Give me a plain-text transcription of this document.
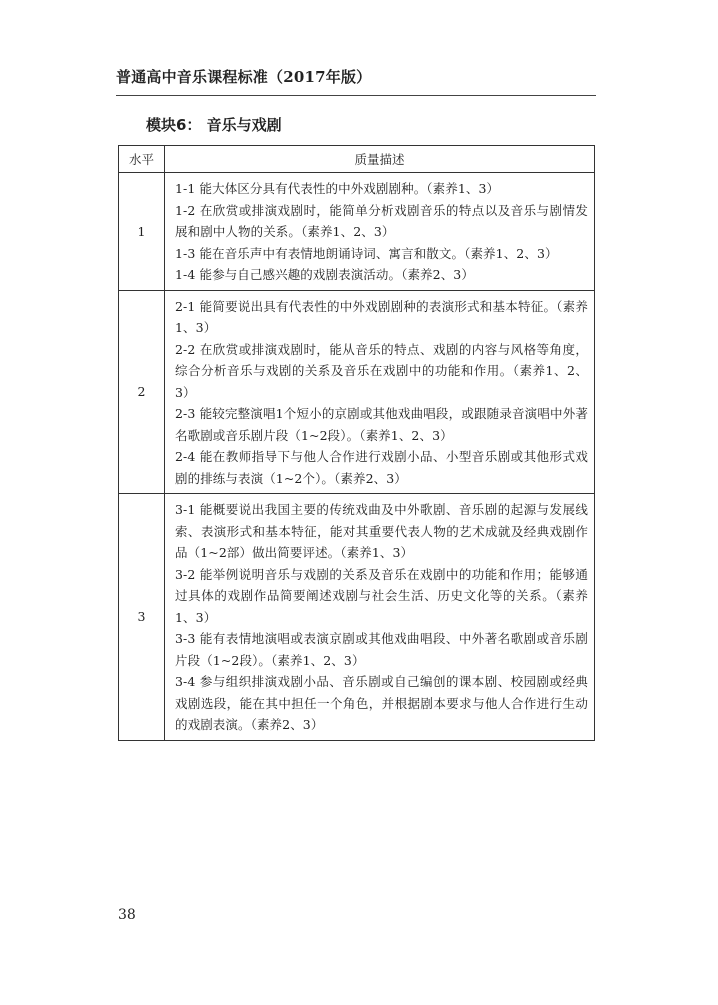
普通高中音乐课程标准（2017年版）
模块6： 音乐与戏剧
水平	质量描述
1	1-1 能大体区分具有代表性的中外戏剧剧种。（素养1、3）
1-2 在欣赏或排演戏剧时，能简单分析戏剧音乐的特点以及音乐与剧情发展和剧中人物的关系。（素养1、2、3）
1-3 能在音乐声中有表情地朗诵诗词、寓言和散文。（素养1、2、3）
1-4 能参与自己感兴趣的戏剧表演活动。（素养2、3）

2	2-1 能简要说出具有代表性的中外戏剧剧种的表演形式和基本特征。（素养1、3）
2-2 在欣赏或排演戏剧时，能从音乐的特点、戏剧的内容与风格等角度，综合分析音乐与戏剧的关系及音乐在戏剧中的功能和作用。（素养1、2、3）
2-3 能较完整演唱1个短小的京剧或其他戏曲唱段，或跟随录音演唱中外著名歌剧或音乐剧片段（1~2段）。（素养1、2、3）
2-4 能在教师指导下与他人合作进行戏剧小品、小型音乐剧或其他形式戏剧的排练与表演（1~2个）。（素养2、3）

3	3-1 能概要说出我国主要的传统戏曲及中外歌剧、音乐剧的起源与发展线索、表演形式和基本特征，能对其重要代表人物的艺术成就及经典戏剧作品（1~2部）做出简要评述。（素养1、3）
3-2 能举例说明音乐与戏剧的关系及音乐在戏剧中的功能和作用；能够通过具体的戏剧作品简要阐述戏剧与社会生活、历史文化等的关系。（素养1、3）
3-3 能有表情地演唱或表演京剧或其他戏曲唱段、中外著名歌剧或音乐剧片段（1~2段）。（素养1、2、3）
3-4 参与组织排演戏剧小品、音乐剧或自己编创的课本剧、校园剧或经典戏剧选段，能在其中担任一个角色，并根据剧本要求与他人合作进行生动的戏剧表演。（素养2、3）
38
